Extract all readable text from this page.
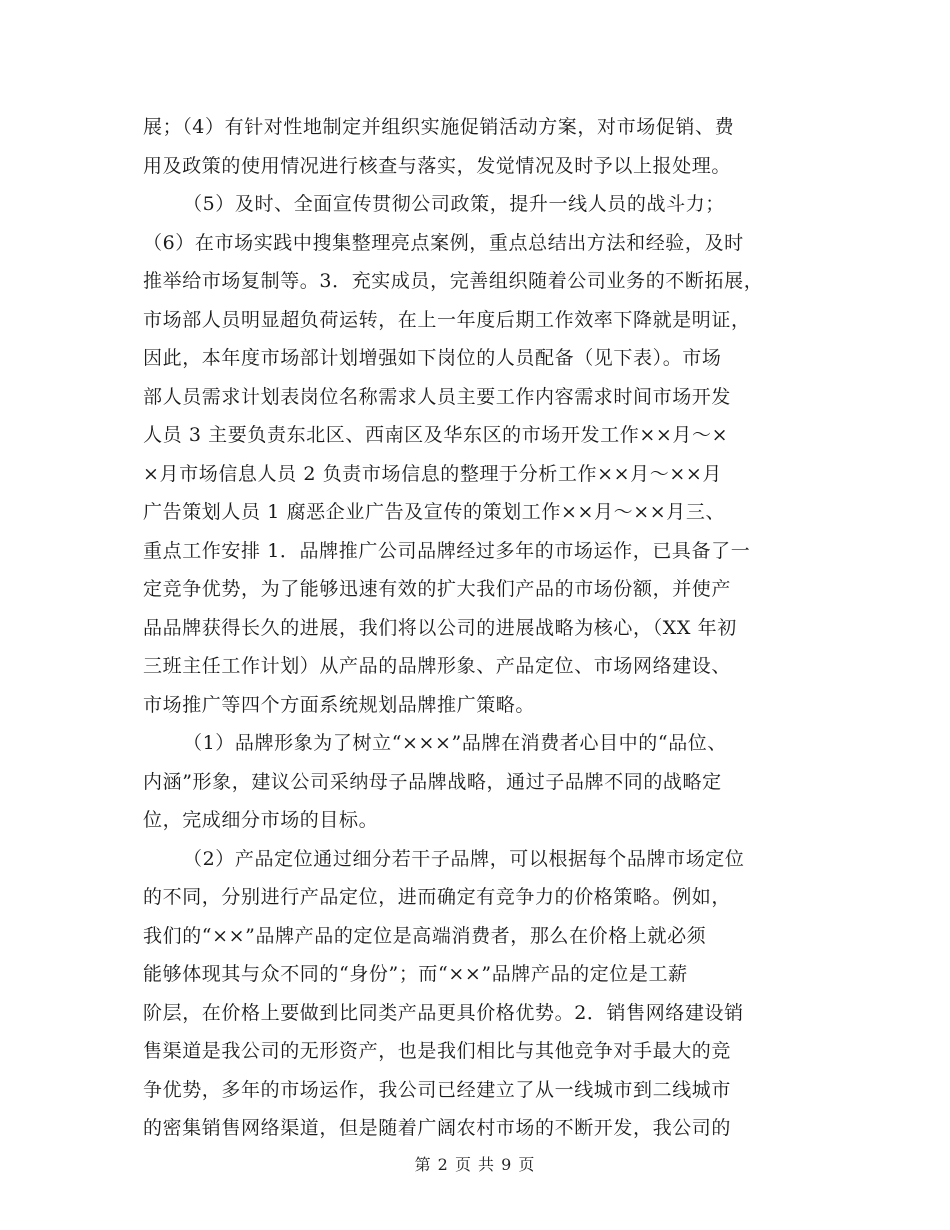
展；（4）有针对性地制定并组织实施促销活动方案，对市场促销、费
用及政策的使用情况进行核查与落实，发觉情况及时予以上报处理。
（5）及时、全面宣传贯彻公司政策，提升一线人员的战斗力；
（6）在市场实践中搜集整理亮点案例，重点总结出方法和经验，及时
推举给市场复制等。3．充实成员，完善组织随着公司业务的不断拓展，
市场部人员明显超负荷运转，在上一年度后期工作效率下降就是明证，
因此，本年度市场部计划增强如下岗位的人员配备（见下表）。市场
部人员需求计划表岗位名称需求人员主要工作内容需求时间市场开发
人员 3 主要负责东北区、西南区及华东区的市场开发工作××月～×
×月市场信息人员 2 负责市场信息的整理于分析工作××月～××月
广告策划人员 1 腐恶企业广告及宣传的策划工作××月～××月三、
重点工作安排 1．品牌推广公司品牌经过多年的市场运作，已具备了一
定竞争优势，为了能够迅速有效的扩大我们产品的市场份额，并使产
品品牌获得长久的进展，我们将以公司的进展战略为核心，（XX 年初
三班主任工作计划）从产品的品牌形象、产品定位、市场网络建设、
市场推广等四个方面系统规划品牌推广策略。
（1）品牌形象为了树立“×××”品牌在消费者心目中的“品位、
内涵”形象，建议公司采纳母子品牌战略，通过子品牌不同的战略定
位，完成细分市场的目标。
（2）产品定位通过细分若干子品牌，可以根据每个品牌市场定位
的不同，分别进行产品定位，进而确定有竞争力的价格策略。例如，
我们的“××”品牌产品的定位是高端消费者，那么在价格上就必须
能够体现其与众不同的“身份”；而“××”品牌产品的定位是工薪
阶层，在价格上要做到比同类产品更具价格优势。2．销售网络建设销
售渠道是我公司的无形资产，也是我们相比与其他竞争对手最大的竞
争优势，多年的市场运作，我公司已经建立了从一线城市到二线城市
的密集销售网络渠道，但是随着广阔农村市场的不断开发，我公司的
第 2 页 共 9 页
